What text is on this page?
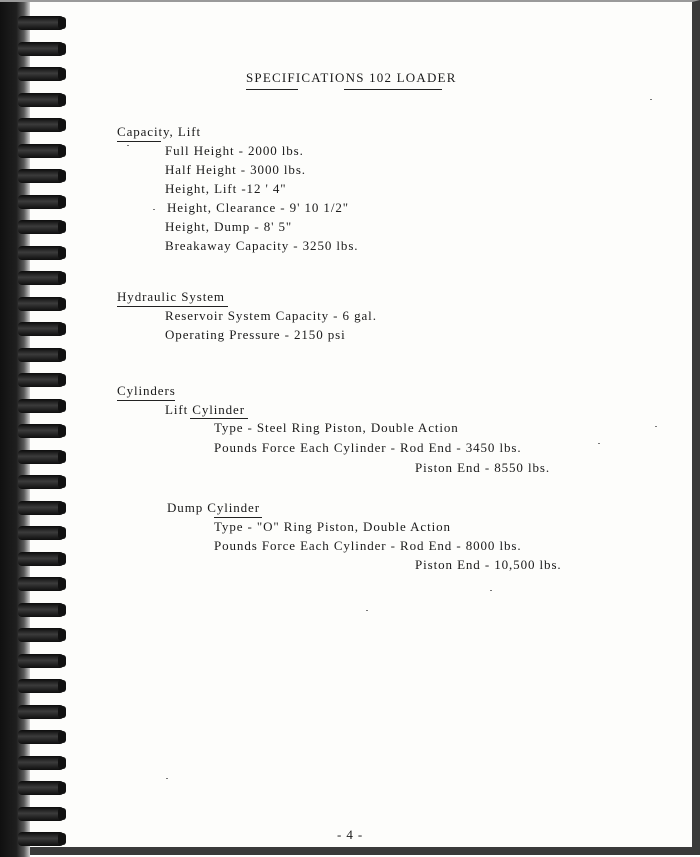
SPECIFICATIONS 102 LOADER
Capacity, Lift
Full Height - 2000 lbs.
Half Height - 3000 lbs.
Height, Lift -12 ' 4"
Height, Clearance - 9' 10 1/2"
Height, Dump - 8' 5"
Breakaway Capacity - 3250 lbs.
Hydraulic System
Reservoir System Capacity - 6 gal.
Operating Pressure - 2150 psi
Cylinders
Lift Cylinder
Type - Steel Ring Piston, Double Action
Pounds Force Each Cylinder - Rod End - 3450 lbs.
Piston End - 8550 lbs.
Dump Cylinder
Type - "O" Ring Piston, Double Action
Pounds Force Each Cylinder - Rod End - 8000 lbs.
Piston End - 10,500 lbs.
- 4 -
